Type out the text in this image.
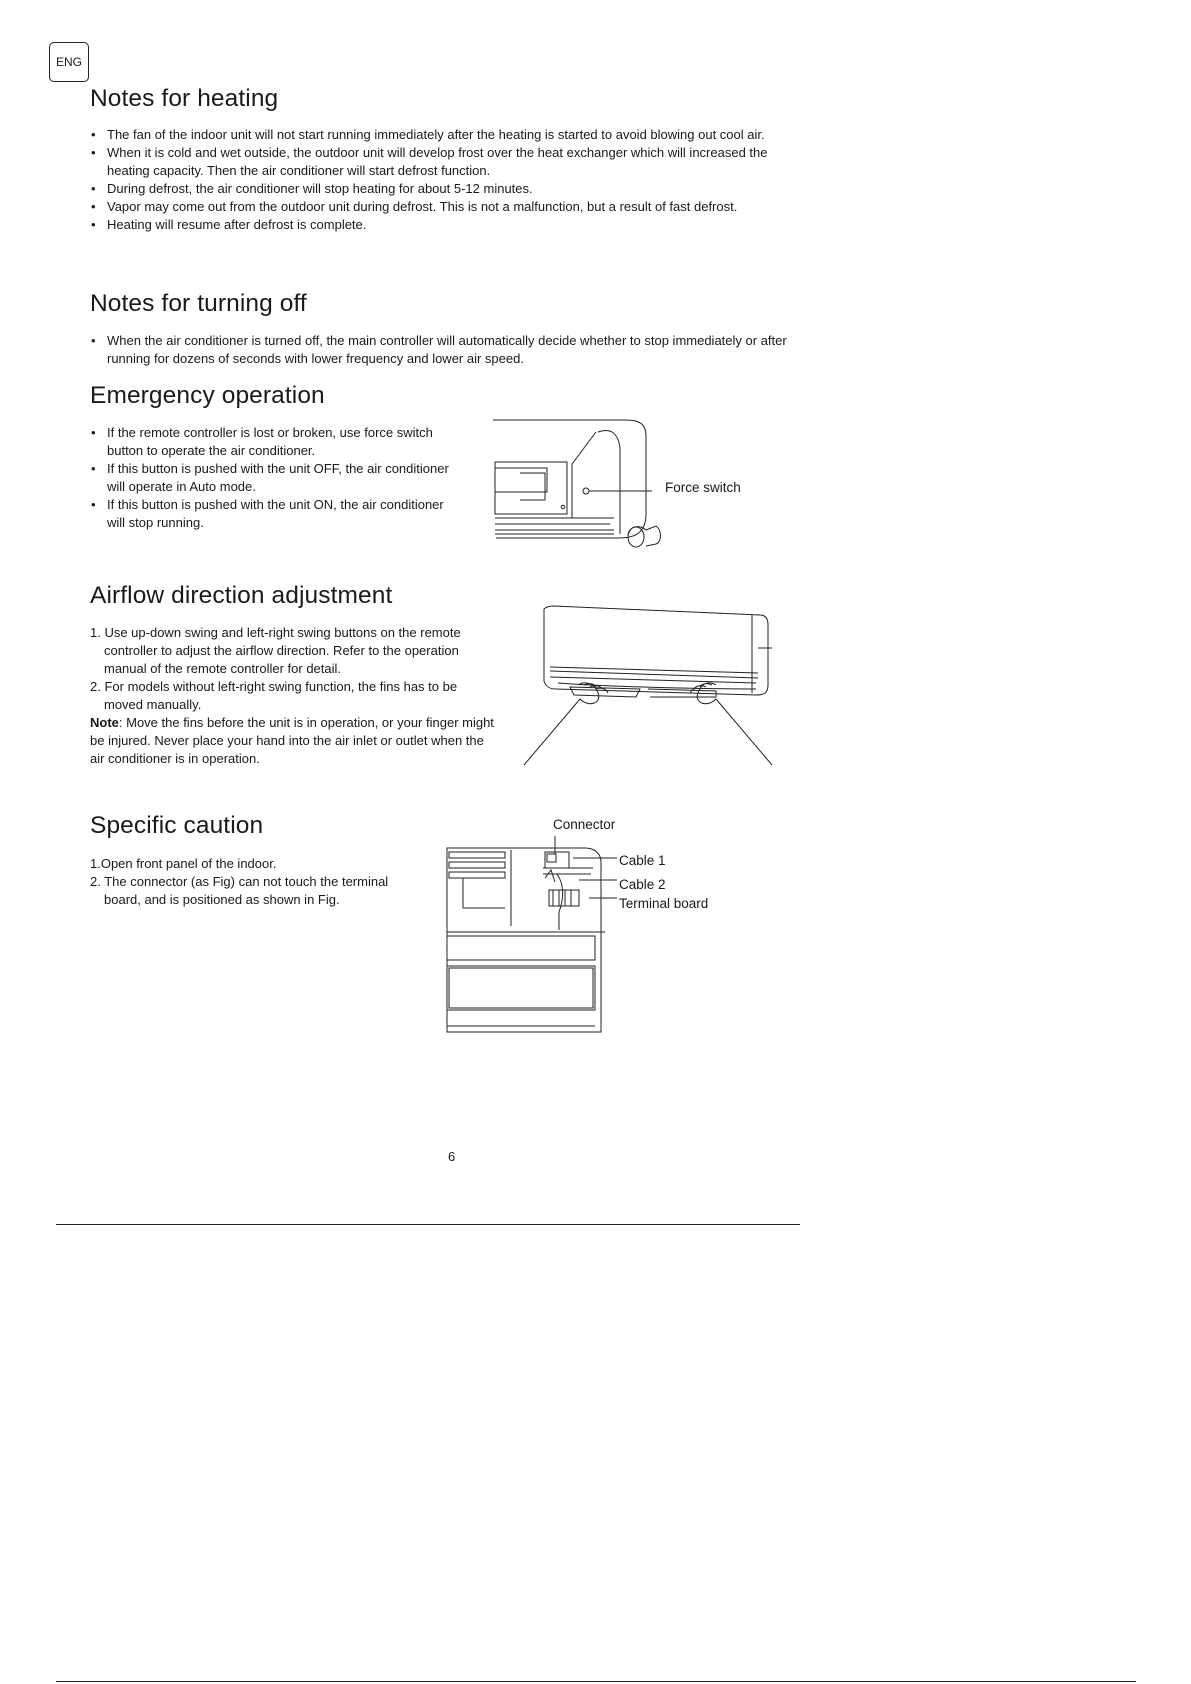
ENG
Notes for heating
• The fan of the indoor unit will not start running immediately after the heating is started to avoid blowing out cool air.
• When it is cold and wet outside, the outdoor unit will develop frost over the heat exchanger which will increased the heating capacity. Then the air conditioner will start defrost function.
• During defrost, the air conditioner will stop heating for about 5-12 minutes.
• Vapor may come out from the outdoor unit during defrost. This is not a malfunction, but a result of fast defrost.
• Heating will resume after defrost is complete.
Notes for turning off
• When the air conditioner is turned off, the main controller will automatically decide whether to stop immediately or after running for dozens of seconds with lower frequency and lower air speed.
Emergency operation
• If the remote controller is lost or broken, use force switch button to operate the air conditioner.
• If this button is pushed with the unit OFF, the air conditioner will operate in Auto mode.
• If this button is pushed with the unit ON, the air conditioner will stop running.
Force switch
Airflow direction adjustment
1. Use up-down swing and left-right swing buttons on the remote controller to adjust the airflow direction. Refer to the operation manual of the remote controller for detail.
2. For models without left-right swing function, the fins has to be moved manually.

Note: Move the fins before the unit is in operation, or your finger might be injured. Never place your hand into the air inlet or outlet when the air conditioner is in operation.

Specific caution
1.Open front panel of the indoor.
2. The connector (as Fig) can not touch the terminal board, and is positioned as shown in Fig.
Connector
Cable 1
Cable 2
Terminal board
6
